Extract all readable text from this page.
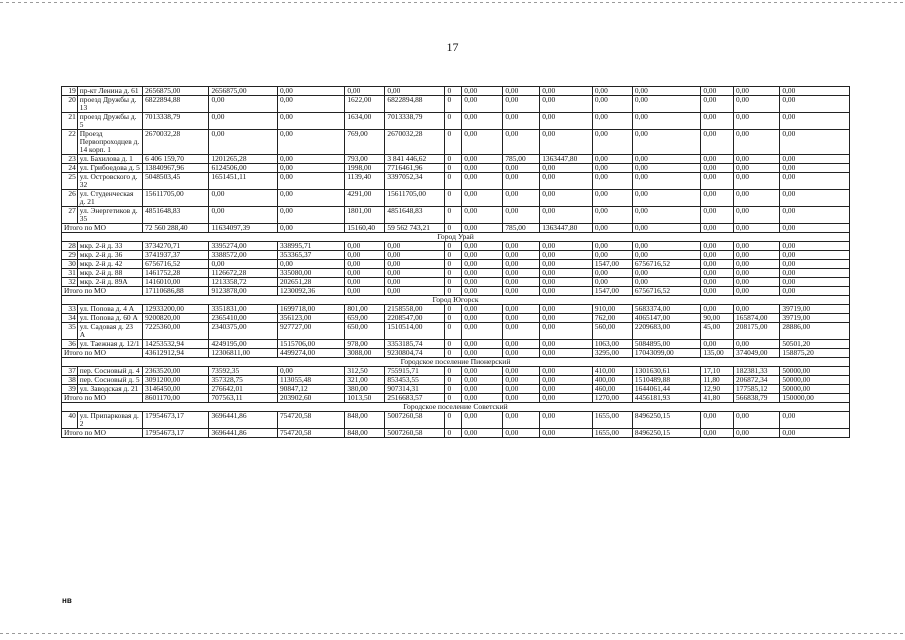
17
19	пр-кт Ленина д. 61	2656875,00	2656875,00	0,00	0,00	0,00	0	0,00	0,00	0,00	0,00	0,00	0,00	0,00	0,00
20	проезд Дружбы д. 13	6822894,88	0,00	0,00	1622,00	6822894,88	0	0,00	0,00	0,00	0,00	0,00	0,00	0,00	0,00
21	проезд Дружбы д. 5	7013338,79	0,00	0,00	1634,00	7013338,79	0	0,00	0,00	0,00	0,00	0,00	0,00	0,00	0,00
22	Проезд Первопроходцев д. 14 корп. 1	2670032,28	0,00	0,00	769,00	2670032,28	0	0,00	0,00	0,00	0,00	0,00	0,00	0,00	0,00
23	ул. Бахилова д. 1	6 406 159,70	1201265,28	0,00	793,00	3 841 446,62	0	0,00	785,00	1363447,80	0,00	0,00	0,00	0,00	0,00
24	ул. Грибоедова д. 5	13840967,96	6124506,00	0,00	1998,00	7716461,96	0	0,00	0,00	0,00	0,00	0,00	0,00	0,00	0,00
25	ул. Островского д. 32	5048503,45	1651451,11	0,00	1139,40	3397052,34	0	0,00	0,00	0,00	0,00	0,00	0,00	0,00	0,00
26	ул. Студенческая д. 21	15611705,00	0,00	0,00	4291,00	15611705,00	0	0,00	0,00	0,00	0,00	0,00	0,00	0,00	0,00
27	ул. Энергетиков д. 35	4851648,83	0,00	0,00	1801,00	4851648,83	0	0,00	0,00	0,00	0,00	0,00	0,00	0,00	0,00
Итого по МО		72 560 288,40	11634097,39	0,00	15160,40	59 562 743,21	0	0,00	785,00	1363447,80	0,00	0,00	0,00	0,00	0,00
Город Урай															
28	мкр. 2-й д. 33	3734270,71	3395274,00	338995,71	0,00	0,00	0	0,00	0,00	0,00	0,00	0,00	0,00	0,00	0,00
29	мкр. 2-й д. 36	3741937,37	3388572,00	353365,37	0,00	0,00	0	0,00	0,00	0,00	0,00	0,00	0,00	0,00	0,00
30	мкр. 2-й д. 42	6756716,52	0,00	0,00	0,00	0,00	0	0,00	0,00	0,00	1547,00	6756716,52	0,00	0,00	0,00
31	мкр. 2-й д. 88	1461752,28	1126672,28	335080,00	0,00	0,00	0	0,00	0,00	0,00	0,00	0,00	0,00	0,00	0,00
32	мкр. 2-й д. 89А	1416010,00	1213358,72	202651,28	0,00	0,00	0	0,00	0,00	0,00	0,00	0,00	0,00	0,00	0,00
Итого по МО		17110686,88	9123878,00	1230092,36	0,00	0,00	0	0,00	0,00	0,00	1547,00	6756716,52	0,00	0,00	0,00
Город Югорск															
33	ул. Попова д. 4 А	12933200,00	3351831,00	1699718,00	801,00	2158558,00	0	0,00	0,00	0,00	910,00	5683374,00	0,00	0,00	39719,00
34	ул. Попова д. 60 А	9200820,00	2365410,00	356123,00	659,00	2208547,00	0	0,00	0,00	0,00	762,00	4065147,00	90,00	165874,00	39719,00
35	ул. Садовая д. 23 А	7225360,00	2340375,00	927727,00	650,00	1510514,00	0	0,00	0,00	0,00	560,00	2209683,00	45,00	208175,00	28886,00
36	ул. Таежная д. 12/1	14253532,94	4249195,00	1515706,00	978,00	3353185,74	0	0,00	0,00	0,00	1063,00	5084895,00	0,00	0,00	50501,20
Итого по МО		43612912,94	12306811,00	4499274,00	3088,00	9230804,74	0	0,00	0,00	0,00	3295,00	17043099,00	135,00	374049,00	158875,20
Городское поселение Пионерский															
37	пер. Сосновый д. 4	2363520,00	73592,35	0,00	312,50	755915,71	0	0,00	0,00	0,00	410,00	1301630,61	17,10	182381,33	50000,00
38	пер. Сосновый д. 5	3091200,00	357328,75	113055,48	321,00	853453,55	0	0,00	0,00	0,00	400,00	1510489,88	11,80	206872,34	50000,00
39	ул. Заводская д. 21	3146450,00	276642,01	90847,12	380,00	907314,31	0	0,00	0,00	0,00	460,00	1644061,44	12,90	177585,12	50000,00
Итого по МО		8601170,00	707563,11	203902,60	1013,50	2516683,57	0	0,00	0,00	0,00	1270,00	4456181,93	41,80	566838,79	150000,00
Городское поселение Советский															
40	ул. Припарковая д. 2	17954673,17	3696441,86	754720,58	848,00	5007260,58	0	0,00	0,00	0,00	1655,00	8496250,15	0,00	0,00	0,00
Итого по МО		17954673,17	3696441,86	754720,58	848,00	5007260,58	0	0,00	0,00	0,00	1655,00	8496250,15	0,00	0,00	0,00
нв
